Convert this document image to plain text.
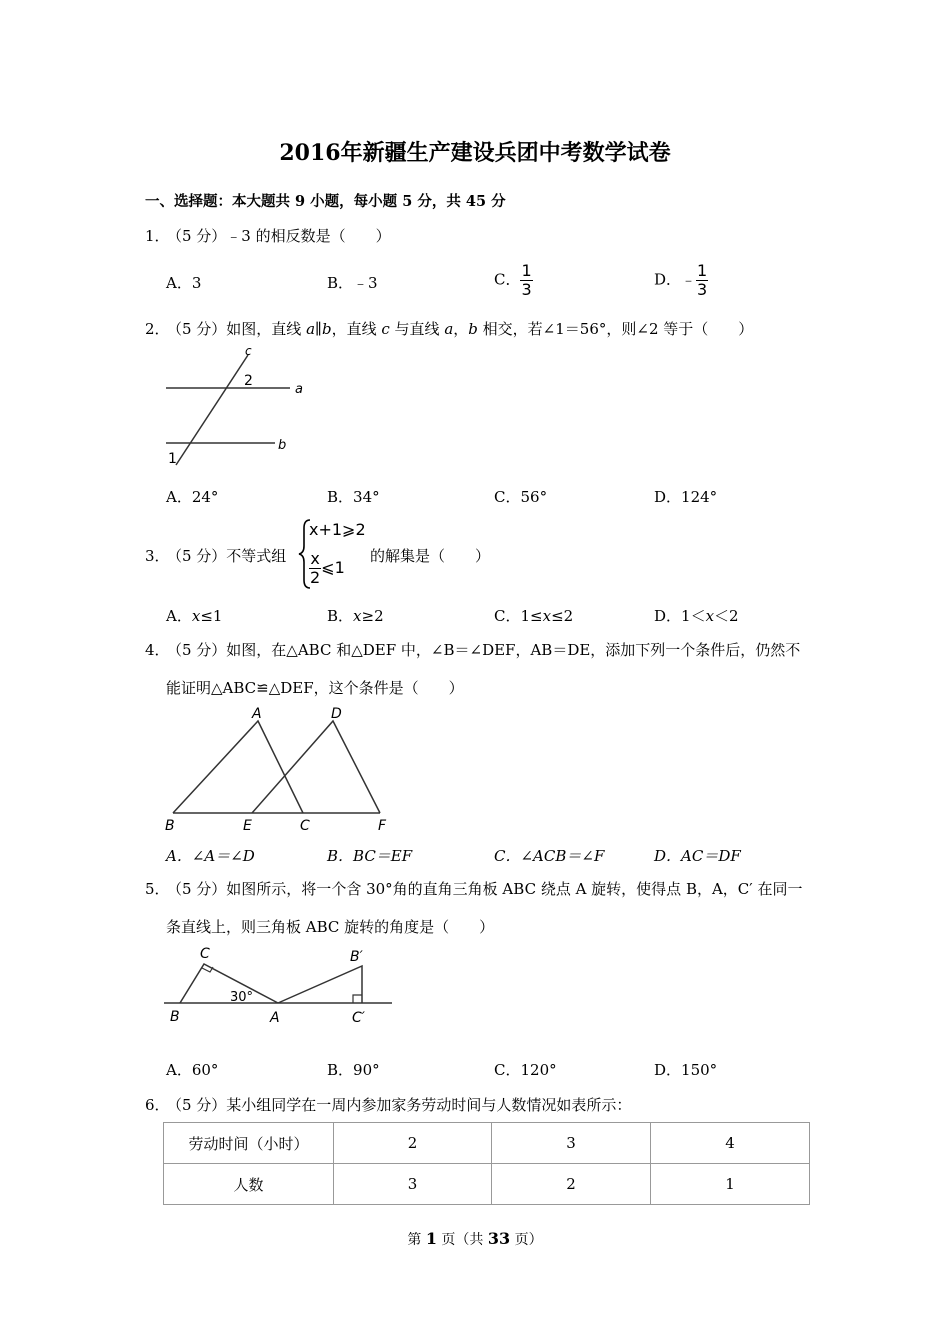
2016年新疆生产建设兵团中考数学试卷
一、选择题：本大题共 9 小题，每小题 5 分，共 45 分
1．（5 分）﹣3 的相反数是（　　）
A．3	B．﹣3	C． $\frac{1}{3}$	D．﹣ $\frac{1}{3}$
2．（5 分）如图，直线 a∥b，直线 c 与直线 a，b 相交，若∠1＝56°，则∠2 等于（　　）
c
a
b
2
1
A．24°	B．34°	C．56°	D．124°
3．（5 分）不等式组
x+1⩾2
$\frac{x}{2}$ ⩽1
的解集是（　　）
A．x≤1	B．x≥2	C．1≤x≤2	D．1＜x＜2
4．（5 分）如图，在△ABC 和△DEF 中，∠B＝∠DEF，AB＝DE，添加下列一个条件后，仍然不
能证明△ABC≌△DEF，这个条件是（　　）
A	D
B	E	C	F
A．∠A＝∠D	B．BC＝EF	C．∠ACB＝∠F	D．AC＝DF
5．（5 分）如图所示，将一个含 30°角的直角三角板 ABC 绕点 A 旋转，使得点 B，A，C′ 在同一
条直线上，则三角板 ABC 旋转的角度是（　　）
C
B	A
B′
C′
30°
A．60°	B．90°	C．120°	D．150°
6．（5 分）某小组同学在一周内参加家务劳动时间与人数情况如表所示：
劳动时间（小时）	2	3	4
人数	3	2	1
第 1 页（共 33 页）
